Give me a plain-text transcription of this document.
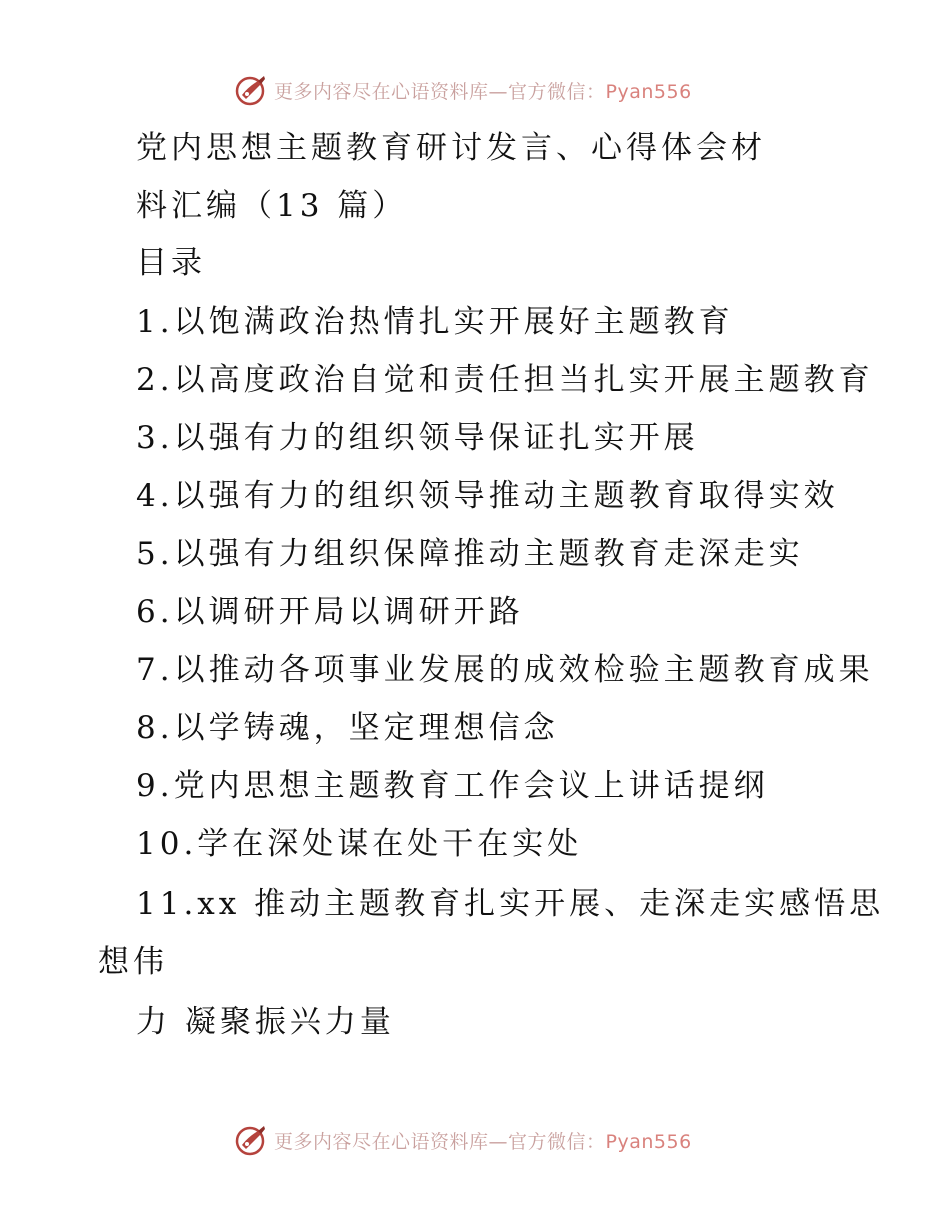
更多内容尽在心语资料库—官方微信：Pyan556
党内思想主题教育研讨发言、心得体会材
料汇编（13 篇）
目录
1.以饱满政治热情扎实开展好主题教育
2.以高度政治自觉和责任担当扎实开展主题教育
3.以强有力的组织领导保证扎实开展
4.以强有力的组织领导推动主题教育取得实效
5.以强有力组织保障推动主题教育走深走实
6.以调研开局以调研开路
7.以推动各项事业发展的成效检验主题教育成果
8.以学铸魂，坚定理想信念
9.党内思想主题教育工作会议上讲话提纲
10.学在深处谋在处干在实处
11.xx 推动主题教育扎实开展、走深走实感悟思
想伟
力 凝聚振兴力量
更多内容尽在心语资料库—官方微信：Pyan556
